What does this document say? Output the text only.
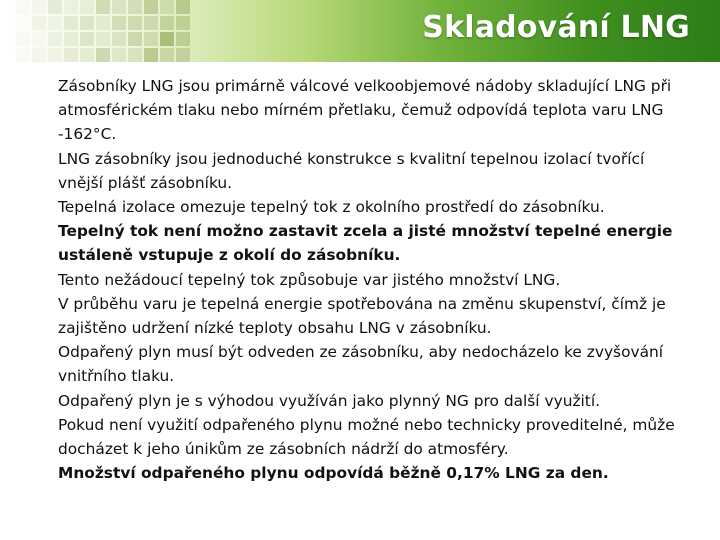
Skladování LNG

Zásobníky LNG jsou primárně válcové velkoobjemové nádoby skladující LNG při atmosférickém tlaku nebo mírném přetlaku, čemuž odpovídá teplota varu LNG -162°C.

LNG zásobníky jsou jednoduché konstrukce s kvalitní tepelnou izolací tvořící vnější plášť zásobníku.

Tepelná izolace omezuje tepelný tok z okolního prostředí do zásobníku.

Tepelný tok není možno zastavit zcela a jisté množství tepelné energie ustáleně vstupuje z okolí do zásobníku.

Tento nežádoucí tepelný tok způsobuje var jistého množství LNG.

V průběhu varu je tepelná energie spotřebována na změnu skupenství, čímž je zajištěno udržení nízké teploty obsahu LNG v zásobníku.

Odpařený plyn musí být odveden ze zásobníku, aby nedocházelo ke zvyšování vnitřního tlaku.

Odpařený plyn je s výhodou využíván jako plynný NG pro další využití.

Pokud není využití odpařeného plynu možné nebo technicky proveditelné, může docházet k jeho únikům ze zásobních nádrží do atmosféry.

Množství odpařeného plynu odpovídá běžně 0,17% LNG za den.
